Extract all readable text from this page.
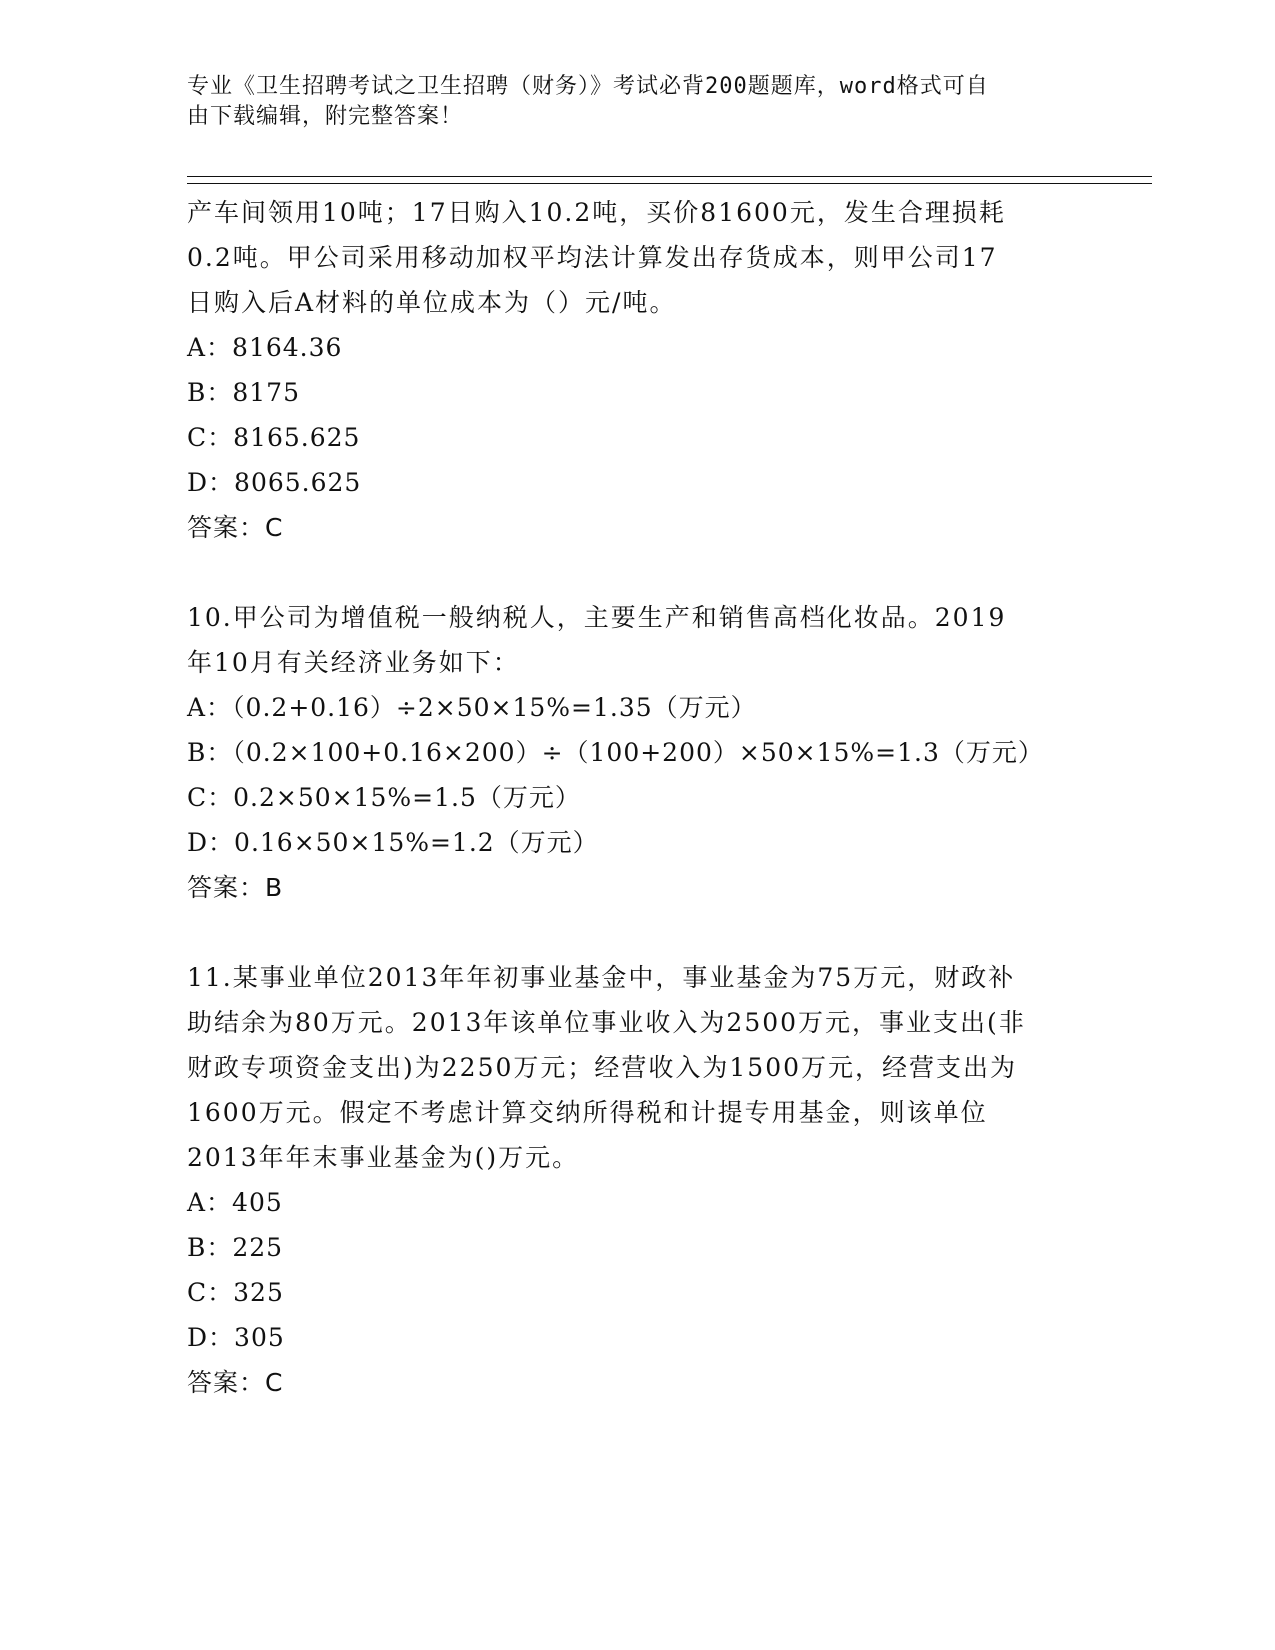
专业《卫生招聘考试之卫生招聘（财务）》考试必背200题题库，word格式可自
由下载编辑，附完整答案！

产车间领用10吨；17日购入10.2吨，买价81600元，发生合理损耗

0.2吨。甲公司采用移动加权平均法计算发出存货成本，则甲公司17

日购入后A材料的单位成本为（）元/吨。

A：8164.36

B：8175

C：8165.625

D：8065.625

答案：C

10.甲公司为增值税一般纳税人，主要生产和销售高档化妆品。2019

年10月有关经济业务如下：

A：（0.2+0.16）÷2×50×15%=1.35（万元）

B：（0.2×100+0.16×200）÷（100+200）×50×15%=1.3（万元）

C：0.2×50×15%=1.5（万元）

D：0.16×50×15%=1.2（万元）

答案：B

11.某事业单位2013年年初事业基金中，事业基金为75万元，财政补

助结余为80万元。2013年该单位事业收入为2500万元，事业支出(非

财政专项资金支出)为2250万元；经营收入为1500万元，经营支出为

1600万元。假定不考虑计算交纳所得税和计提专用基金，则该单位

2013年年末事业基金为()万元。

A：405

B：225

C：325

D：305

答案：C
